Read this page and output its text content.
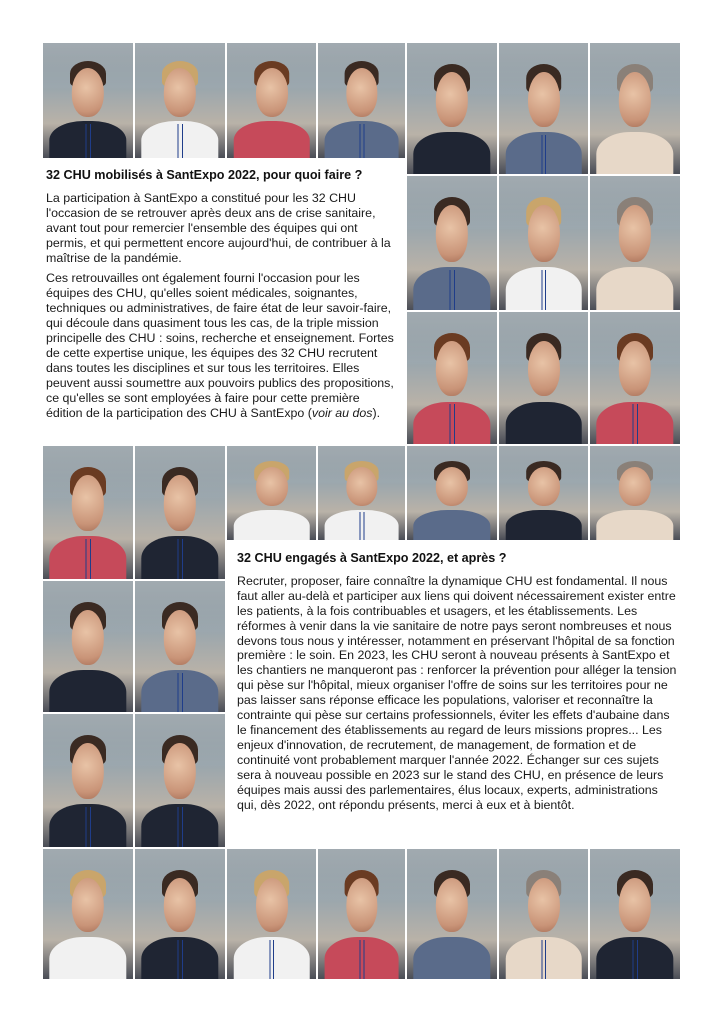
32 CHU mobilisés à SantExpo 2022, pour quoi faire ?

La participation à SantExpo a constitué pour les 32 CHU l'occasion de se retrouver après deux ans de crise sanitaire, avant tout pour remercier l'ensemble des équipes qui ont permis, et qui permettent encore aujourd'hui, de contribuer à la maîtrise de la pandémie.

Ces retrouvailles ont également fourni l'occasion pour les équipes des CHU, qu'elles soient médicales, soignantes, techniques ou administratives, de faire état de leur savoir-faire, qui découle dans quasiment tous les cas, de la triple mission principelle des CHU : soins, recherche et enseignement. Fortes de cette expertise unique, les équipes des 32 CHU recrutent dans toutes les disciplines et sur tous les territoires. Elles peuvent aussi soumettre aux pouvoirs publics des propositions, ce qu'elles se sont employées à faire pour cette première édition de la participation des CHU à SantExpo (voir au dos).

32 CHU engagés à SantExpo 2022, et après ?

Recruter, proposer, faire connaître la dynamique CHU est fondamental. Il nous faut aller au-delà et participer aux liens qui doivent nécessairement exister entre les patients, à la fois contribuables et usagers, et les établissements. Les réformes à venir dans la vie sanitaire de notre pays seront nombreuses et nous devons tous nous y intéresser, notamment en préservant l'hôpital de sa fonction première : le soin. En 2023, les CHU seront à nouveau présents à SantExpo et les chantiers ne manqueront pas : renforcer la prévention pour alléger la tension qui pèse sur l'hôpital, mieux organiser l'offre de soins sur les territoires pour ne pas laisser sans réponse efficace les populations, valoriser et reconnaître la contrainte qui pèse sur certains professionnels, éviter les effets d'aubaine dans le financement des établissements au regard de leurs missions propres... Les enjeux d'innovation, de recrutement, de management, de formation et de continuité vont probablement marquer l'année 2022. Échanger sur ces sujets sera à nouveau possible en 2023 sur le stand des CHU, en présence de leurs équipes mais aussi des parlementaires, élus locaux, experts, administrations qui, dès 2022, ont répondu présents, merci à eux et à bientôt.
